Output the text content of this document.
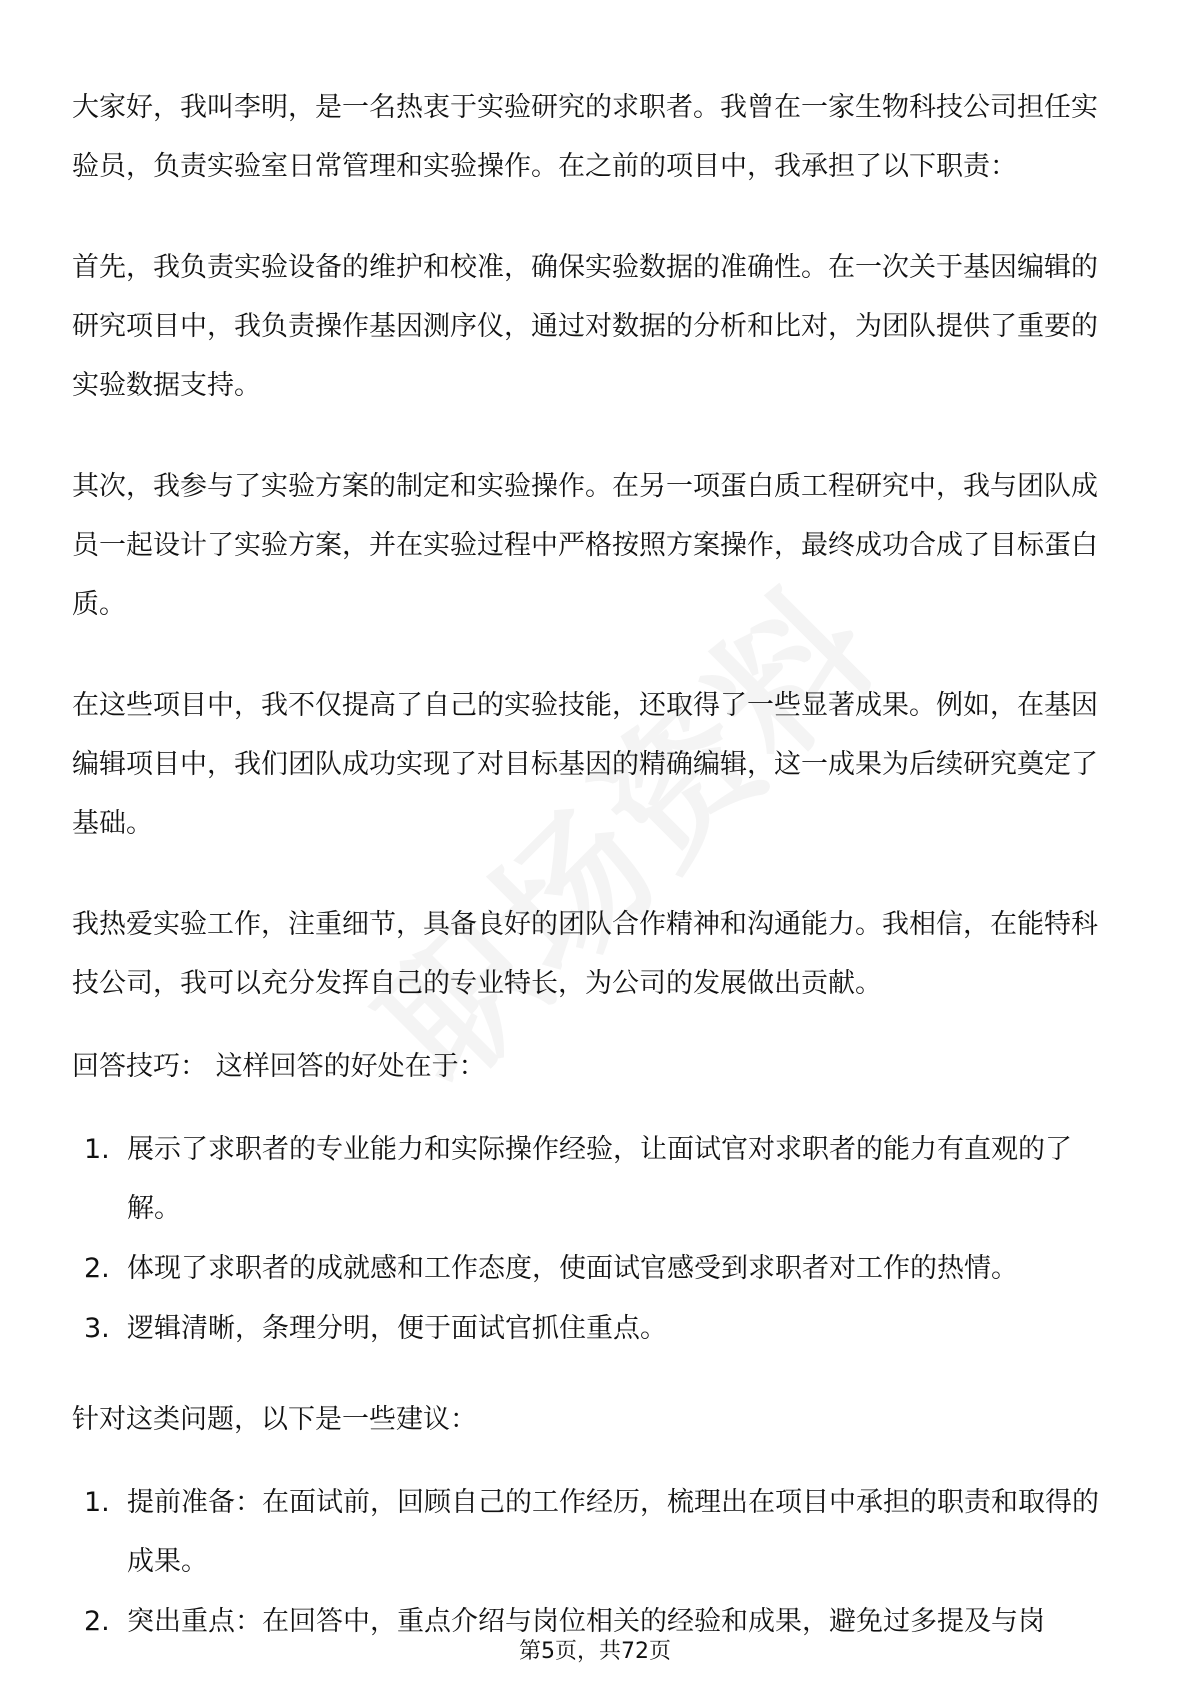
大家好，我叫李明，是一名热衷于实验研究的求职者。我曾在一家生物科技公司担任实验员，负责实验室日常管理和实验操作。在之前的项目中，我承担了以下职责：

首先，我负责实验设备的维护和校准，确保实验数据的准确性。在一次关于基因编辑的研究项目中，我负责操作基因测序仪，通过对数据的分析和比对，为团队提供了重要的实验数据支持。

其次，我参与了实验方案的制定和实验操作。在另一项蛋白质工程研究中，我与团队成员一起设计了实验方案，并在实验过程中严格按照方案操作，最终成功合成了目标蛋白质。

在这些项目中，我不仅提高了自己的实验技能，还取得了一些显著成果。例如，在基因编辑项目中，我们团队成功实现了对目标基因的精确编辑，这一成果为后续研究奠定了基础。

我热爱实验工作，注重细节，具备良好的团队合作精神和沟通能力。我相信，在能特科技公司，我可以充分发挥自己的专业特长，为公司的发展做出贡献。

回答技巧： 这样回答的好处在于：

1. 展示了求职者的专业能力和实际操作经验，让面试官对求职者的能力有直观的了解。
2. 体现了求职者的成就感和工作态度，使面试官感受到求职者对工作的热情。
3. 逻辑清晰，条理分明，便于面试官抓住重点。

针对这类问题，以下是一些建议：

1. 提前准备：在面试前，回顾自己的工作经历，梳理出在项目中承担的职责和取得的成果。
2. 突出重点：在回答中，重点介绍与岗位相关的经验和成果，避免过多提及与岗
第5页，共72页
